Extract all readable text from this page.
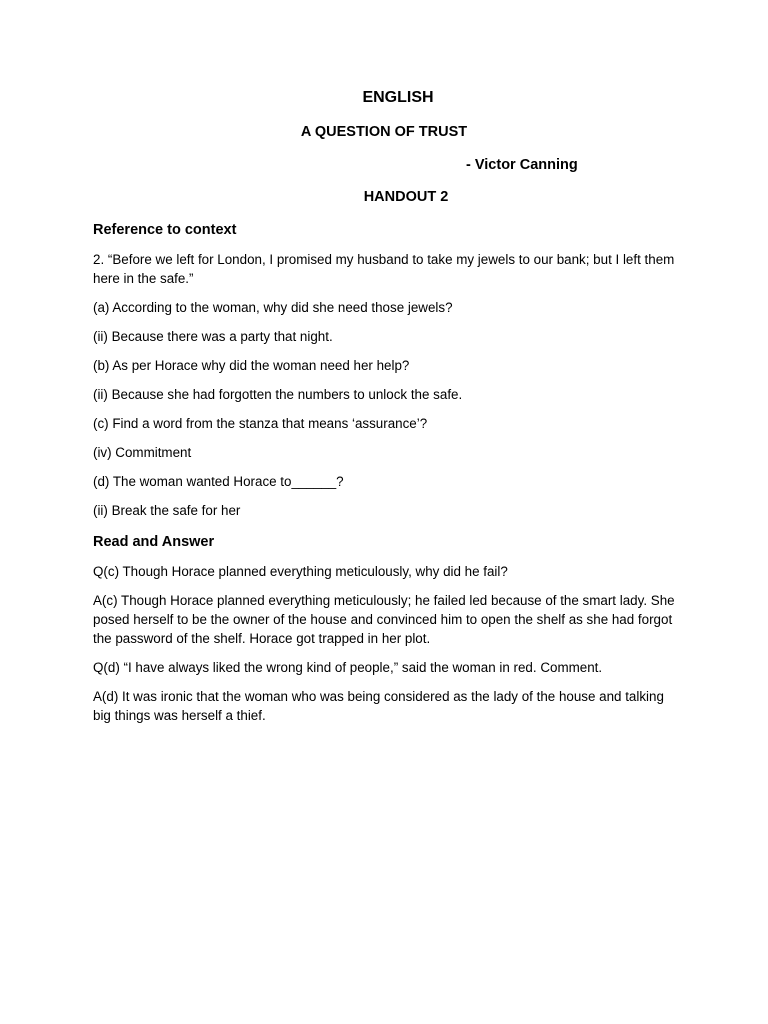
ENGLISH
A QUESTION OF TRUST
- Victor Canning
HANDOUT 2
Reference to context

2. “Before we left for London, I promised my husband to take my jewels to our bank; but I left them here in the safe.”

(a) According to the woman, why did she need those jewels?

(ii) Because there was a party that night.

(b) As per Horace why did the woman need her help?

(ii) Because she had forgotten the numbers to unlock the safe.

(c) Find a word from the stanza that means ‘assurance’?

(iv) Commitment

(d) The woman wanted Horace to______?

(ii) Break the safe for her

Read and Answer

Q(c) Though Horace planned everything meticulously, why did he fail?

A(c) Though Horace planned everything meticulously; he failed led because of the smart lady. She posed herself to be the owner of the house and convinced him to open the shelf as she had forgot the password of the shelf. Horace got trapped in her plot.

Q(d) “I have always liked the wrong kind of people,” said the woman in red. Comment.

A(d) It was ironic that the woman who was being considered as the lady of the house and talking big things was herself a thief.
